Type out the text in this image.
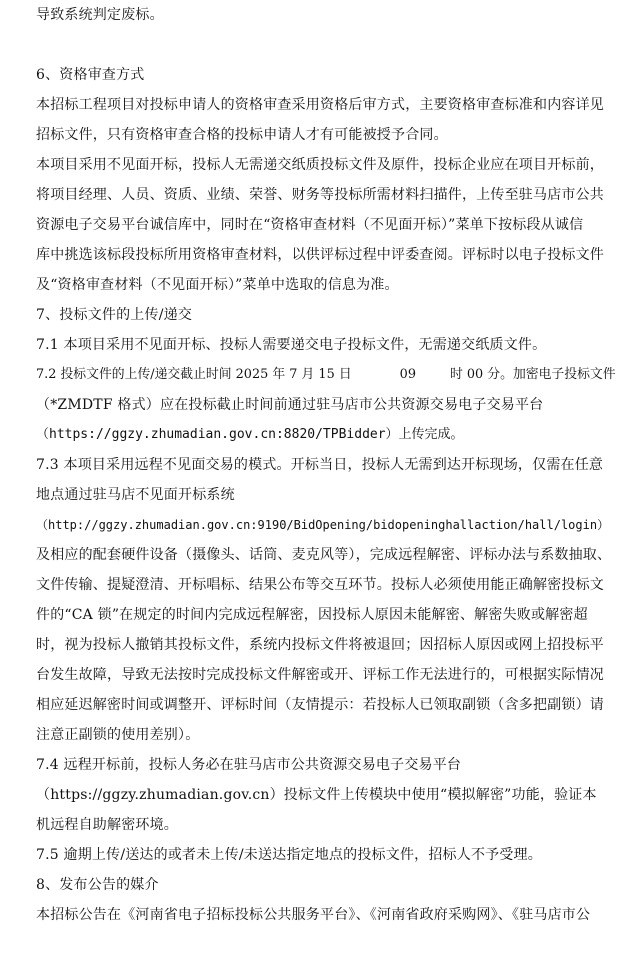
导致系统判定废标。
6、资格审查方式
本招标工程项目对投标申请人的资格审查采用资格后审方式，主要资格审查标准和内容详见
招标文件，只有资格审查合格的投标申请人才有可能被授予合同。
本项目采用不见面开标，投标人无需递交纸质投标文件及原件，投标企业应在项目开标前，
将项目经理、人员、资质、业绩、荣誉、财务等投标所需材料扫描件，上传至驻马店市公共
资源电子交易平台诚信库中，同时在“资格审查材料（不见面开标）”菜单下按标段从诚信
库中挑选该标段投标所用资格审查材料，以供评标过程中评委查阅。评标时以电子投标文件
及“资格审查材料（不见面开标）”菜单中选取的信息为准。
7、投标文件的上传/递交
7.1 本项目采用不见面开标、投标人需要递交电子投标文件，无需递交纸质文件。
7.2 投标文件的上传/递交截止时间 2025 年 7 月 15 日	09	时 00 分。加密电子投标文件
（*ZMDTF 格式）应在投标截止时间前通过驻马店市公共资源交易电子交易平台
（https://ggzy.zhumadian.gov.cn:8820/TPBidder）上传完成。
7.3 本项目采用远程不见面交易的模式。开标当日，投标人无需到达开标现场，仅需在任意
地点通过驻马店不见面开标系统
（http://ggzy.zhumadian.gov.cn:9190/BidOpening/bidopeninghallaction/hall/login）
及相应的配套硬件设备（摄像头、话筒、麦克风等），完成远程解密、评标办法与系数抽取、
文件传输、提疑澄清、开标唱标、结果公布等交互环节。投标人必须使用能正确解密投标文
件的“CA 锁”在规定的时间内完成远程解密，因投标人原因未能解密、解密失败或解密超
时，视为投标人撤销其投标文件，系统内投标文件将被退回；因招标人原因或网上招投标平
台发生故障，导致无法按时完成投标文件解密或开、评标工作无法进行的，可根据实际情况
相应延迟解密时间或调整开、评标时间（友情提示：若投标人已领取副锁（含多把副锁）请
注意正副锁的使用差别）。
7.4 远程开标前，投标人务必在驻马店市公共资源交易电子交易平台
（https://ggzy.zhumadian.gov.cn）投标文件上传模块中使用“模拟解密”功能，验证本
机远程自助解密环境。
7.5 逾期上传/送达的或者未上传/未送达指定地点的投标文件，招标人不予受理。
8、发布公告的媒介
本招标公告在《河南省电子招标投标公共服务平台》、《河南省政府采购网》、《驻马店市公
